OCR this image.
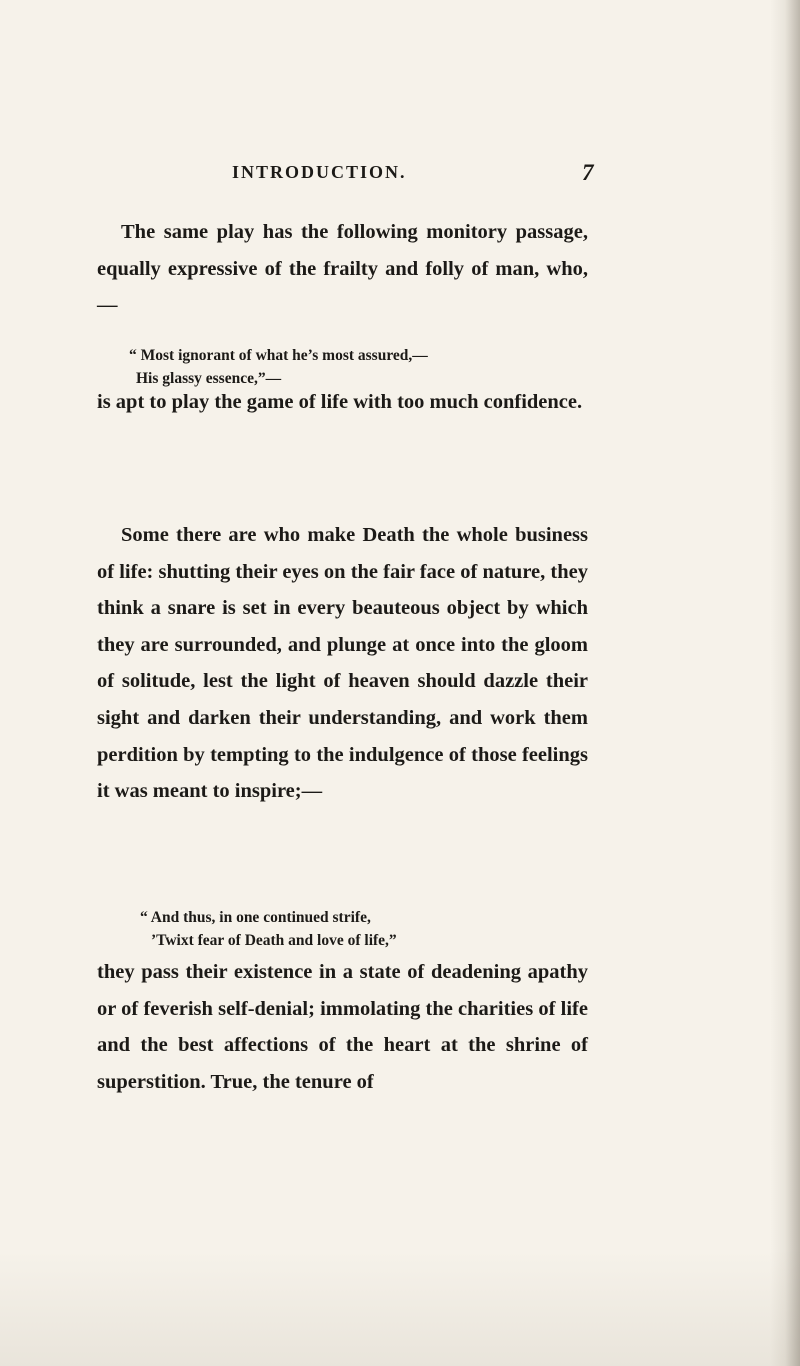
INTRODUCTION.	7

The same play has the following monitory passage, equally expressive of the frailty and folly of man, who,—

“ Most ignorant of what he’s most assured,—
His glassy essence,”—

is apt to play the game of life with too much confidence.

Some there are who make Death the whole business of life: shutting their eyes on the fair face of nature, they think a snare is set in every beauteous object by which they are surrounded, and plunge at once into the gloom of solitude, lest the light of heaven should dazzle their sight and darken their understanding, and work them perdition by tempting to the indulgence of those feelings it was meant to inspire;—

“ And thus, in one continued strife,
’Twixt fear of Death and love of life,”

they pass their existence in a state of deadening apathy or of feverish self-denial; immolating the charities of life and the best affections of the heart at the shrine of superstition. True, the tenure of
